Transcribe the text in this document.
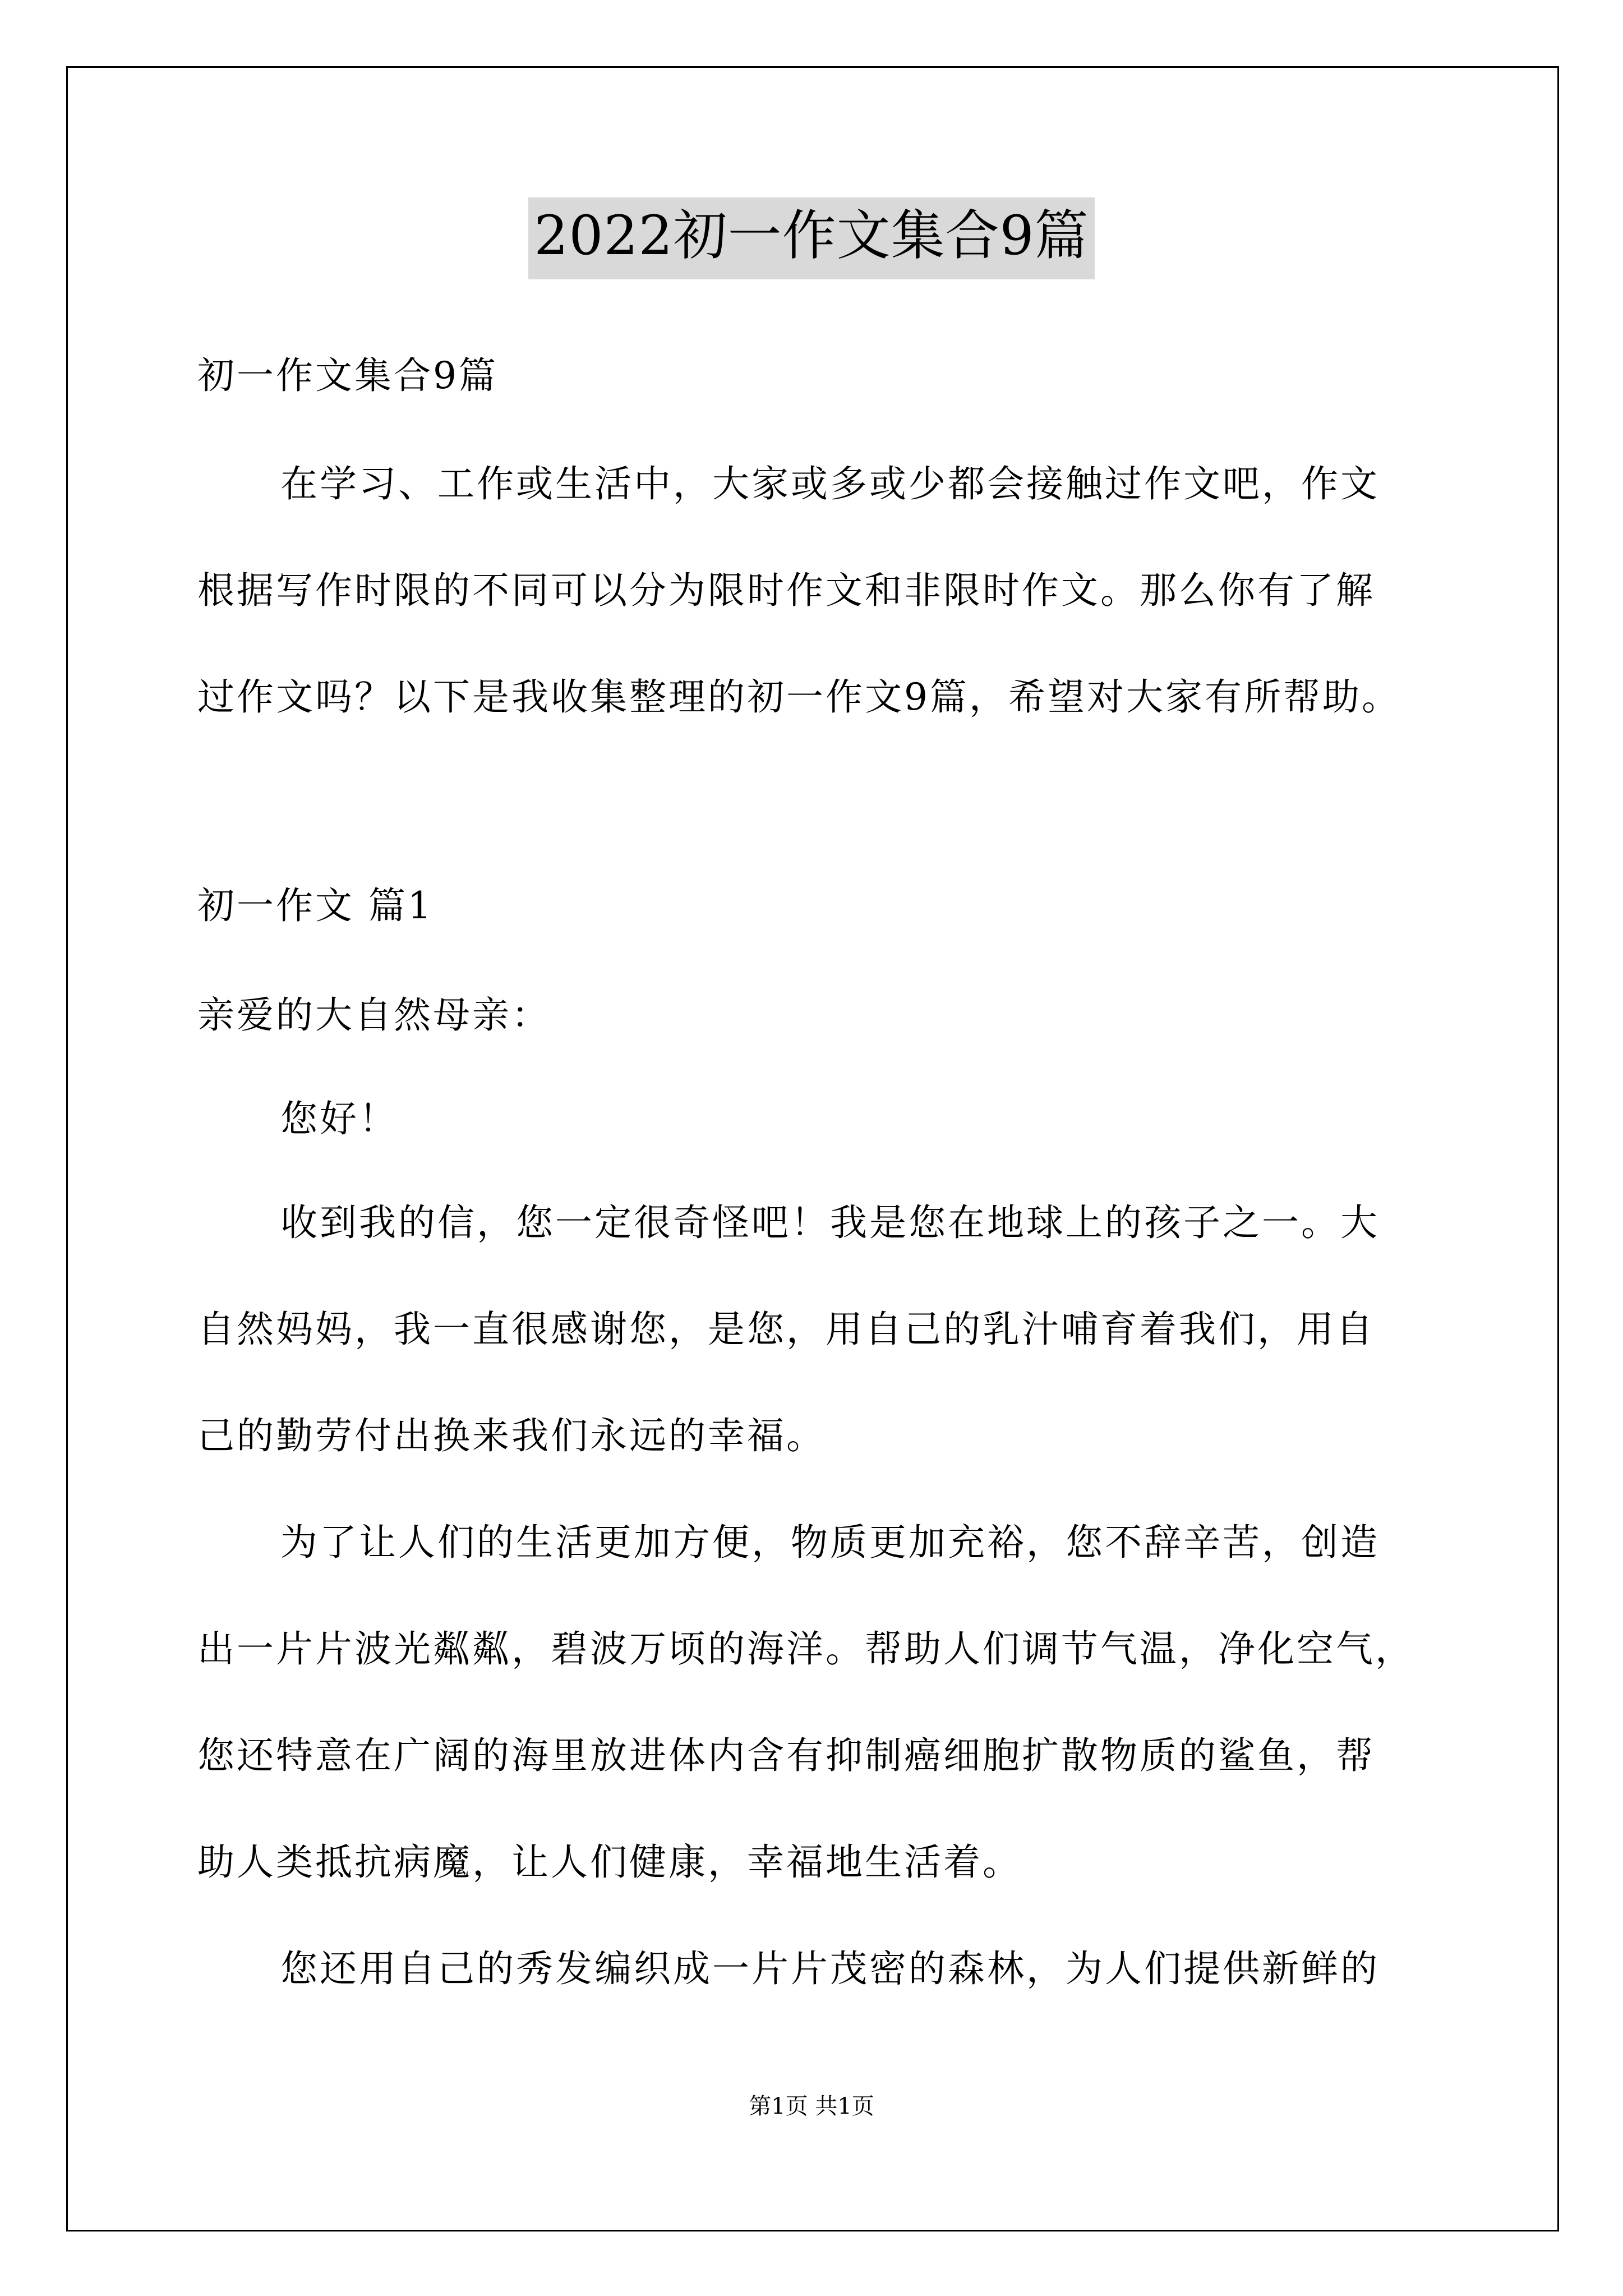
2022初一作文集合9篇
初一作文集合9篇
在学习、工作或生活中，大家或多或少都会接触过作文吧，作文
根据写作时限的不同可以分为限时作文和非限时作文。那么你有了解
过作文吗？以下是我收集整理的初一作文9篇，希望对大家有所帮助。
初一作文 篇1
亲爱的大自然母亲：
您好！
收到我的信，您一定很奇怪吧！我是您在地球上的孩子之一。大
自然妈妈，我一直很感谢您，是您，用自己的乳汁哺育着我们，用自
己的勤劳付出换来我们永远的幸福。
为了让人们的生活更加方便，物质更加充裕，您不辞辛苦，创造
出一片片波光粼粼，碧波万顷的海洋。帮助人们调节气温，净化空气，
您还特意在广阔的海里放进体内含有抑制癌细胞扩散物质的鲨鱼，帮
助人类抵抗病魔，让人们健康，幸福地生活着。
您还用自己的秀发编织成一片片茂密的森林，为人们提供新鲜的
第1页 共1页
